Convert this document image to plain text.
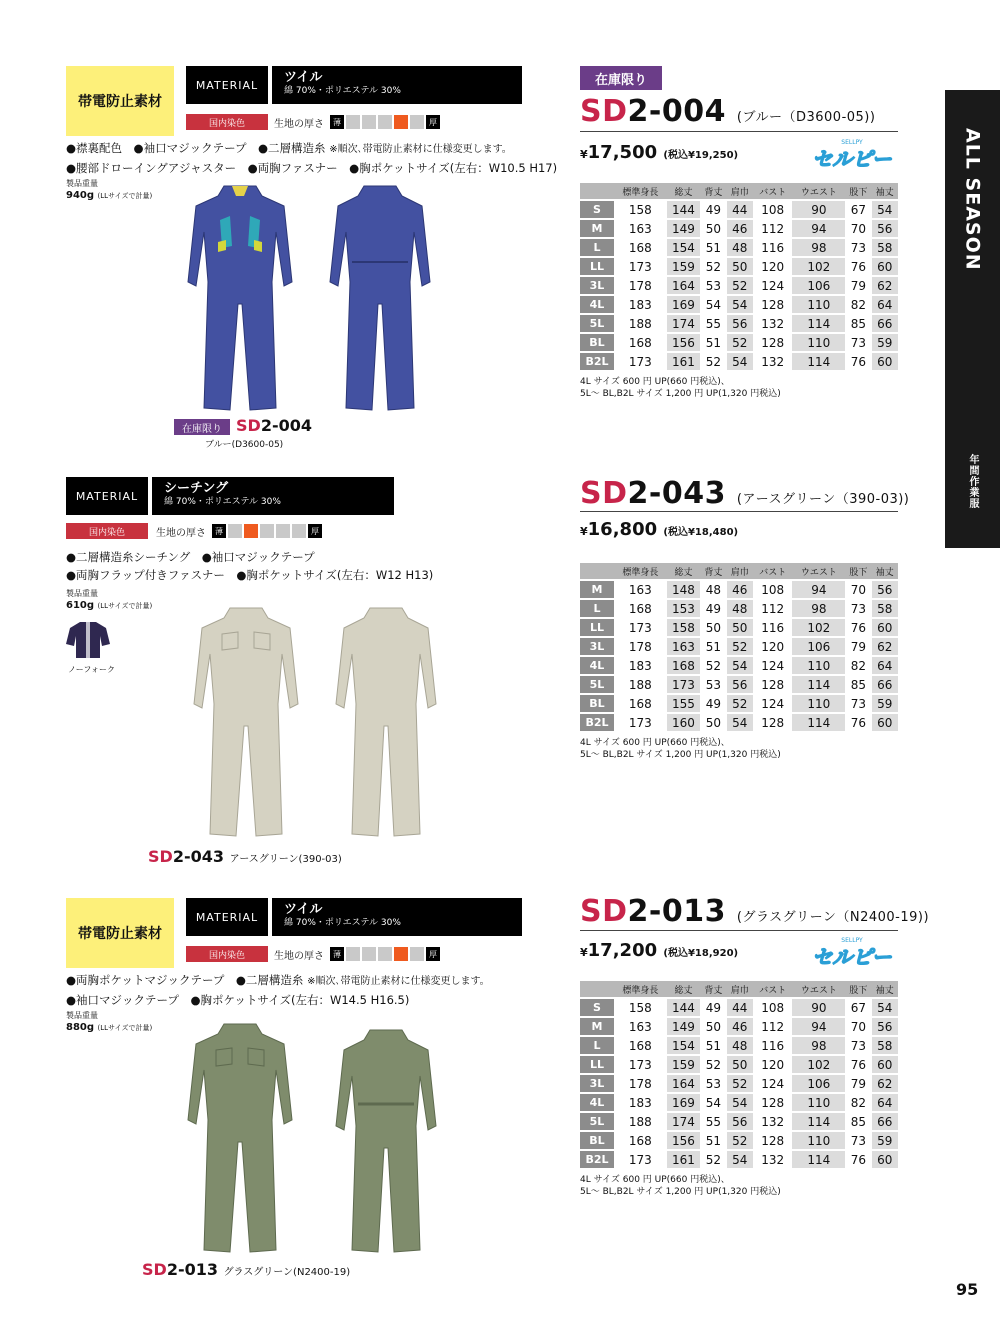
ALL SEASON
年間作業服
帯電防止素材
MATERIAL	ツイル
綿 70%・ポリエステル 30%
国内染色	生地の厚さ	薄	厚
●襟裏配色　●袖口マジックテープ　●二層構造糸 ※順次､帯電防止素材に仕様変更します。
●腰部ドローイングアジャスター　●両胸ファスナー　●胸ポケットサイズ(左右：W10.5 H17)
製品重量
940g (LLサイズで計量)
在庫限り SD2-004
ブルー(D3600-05)
在庫限り
SD2-004 (ブルー（D3600-05))
¥17,500 (税込¥19,250)
SELLPY
セルピー
	標準身長	総丈	背丈	肩巾	バスト	ウエスト	股下	袖丈
S	158	144	49	44	108	90	67	54
M	163	149	50	46	112	94	70	56
L	168	154	51	48	116	98	73	58
LL	173	159	52	50	120	102	76	60
3L	178	164	53	52	124	106	79	62
4L	183	169	54	54	128	110	82	64
5L	188	174	55	56	132	114	85	66
BL	168	156	51	52	128	110	73	59
B2L	173	161	52	54	132	114	76	60
4L サイズ 600 円 UP(660 円税込)、
5L～ BL,B2L サイズ 1,200 円 UP(1,320 円税込)
MATERIAL	シーチング
綿 70%・ポリエステル 30%
国内染色	生地の厚さ	薄	厚
●二層構造糸シーチング　●袖口マジックテープ
●両胸フラップ付きファスナー　●胸ポケットサイズ(左右：W12 H13)
製品重量
610g (LLサイズで計量)
ノーフォーク
SD2-043 アースグリーン(390-03)
SD2-043 (アースグリーン（390-03))
¥16,800 (税込¥18,480)
	標準身長	総丈	背丈	肩巾	バスト	ウエスト	股下	袖丈
M	163	148	48	46	108	94	70	56
L	168	153	49	48	112	98	73	58
LL	173	158	50	50	116	102	76	60
3L	178	163	51	52	120	106	79	62
4L	183	168	52	54	124	110	82	64
5L	188	173	53	56	128	114	85	66
BL	168	155	49	52	124	110	73	59
B2L	173	160	50	54	128	114	76	60
4L サイズ 600 円 UP(660 円税込)、
5L～ BL,B2L サイズ 1,200 円 UP(1,320 円税込)
帯電防止素材
MATERIAL	ツイル
綿 70%・ポリエステル 30%
国内染色	生地の厚さ	薄	厚
●両胸ポケットマジックテープ　●二層構造糸 ※順次､帯電防止素材に仕様変更します。
●袖口マジックテープ　●胸ポケットサイズ(左右：W14.5 H16.5)
製品重量
880g (LLサイズで計量)
SD2-013 グラスグリーン(N2400-19)
SD2-013 (グラスグリーン（N2400-19))
¥17,200 (税込¥18,920)
SELLPY
セルピー
	標準身長	総丈	背丈	肩巾	バスト	ウエスト	股下	袖丈
S	158	144	49	44	108	90	67	54
M	163	149	50	46	112	94	70	56
L	168	154	51	48	116	98	73	58
LL	173	159	52	50	120	102	76	60
3L	178	164	53	52	124	106	79	62
4L	183	169	54	54	128	110	82	64
5L	188	174	55	56	132	114	85	66
BL	168	156	51	52	128	110	73	59
B2L	173	161	52	54	132	114	76	60
4L サイズ 600 円 UP(660 円税込)、
5L～ BL,B2L サイズ 1,200 円 UP(1,320 円税込)
95
